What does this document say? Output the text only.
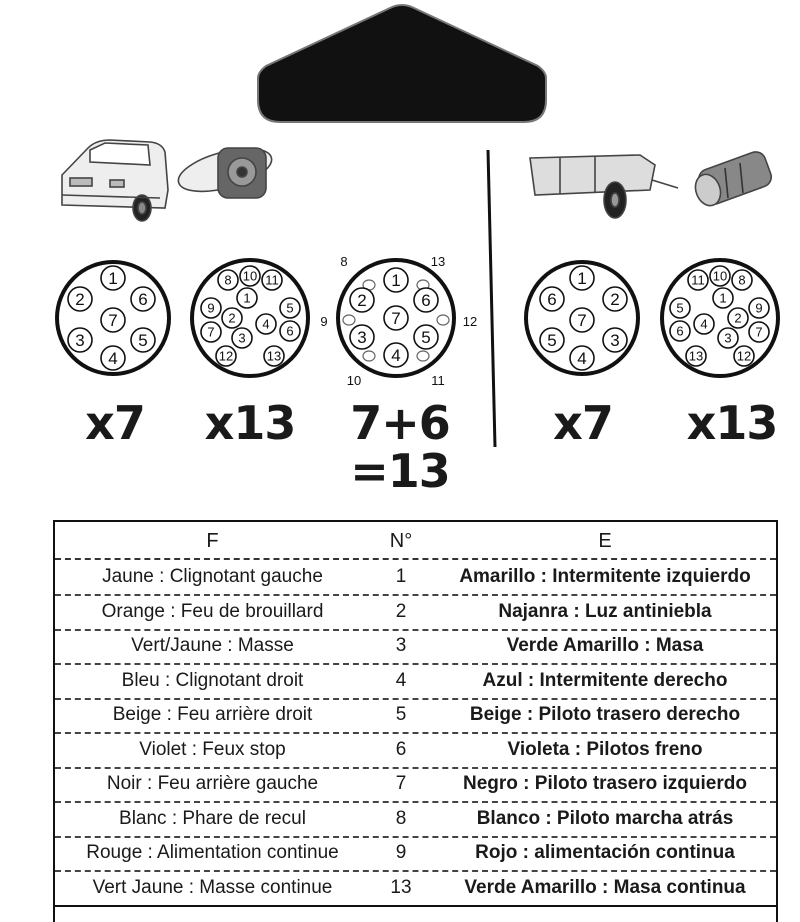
1
2
3
4
5
6
7
1
2
3
4
5
6
7
8
9
10 11
12	13
1
2
3
4
5
6
7
8
9
10	11
12
13
1
2
3
4
5
6
7
1
2
3
4
5
6	7
8
9
10
11
12
13
x7	x13 7+6
=13
x7	x13
F	N°	E
Jaune : Clignotant gauche	1	Amarillo : Intermitente izquierdo
Orange : Feu de brouillard	2	Najanra : Luz antiniebla
Vert/Jaune : Masse	3	Verde Amarillo : Masa
Bleu : Clignotant droit	4	Azul : Intermitente derecho
Beige : Feu arrière droit	5	Beige : Piloto trasero derecho
Violet : Feux stop	6	Violeta : Pilotos freno
Noir : Feu arrière gauche	7	Negro : Piloto trasero izquierdo
Blanc : Phare de recul	8	Blanco : Piloto marcha atrás
Rouge : Alimentation continue	9	Rojo : alimentación continua
Vert Jaune : Masse continue	13	Verde Amarillo : Masa continua
